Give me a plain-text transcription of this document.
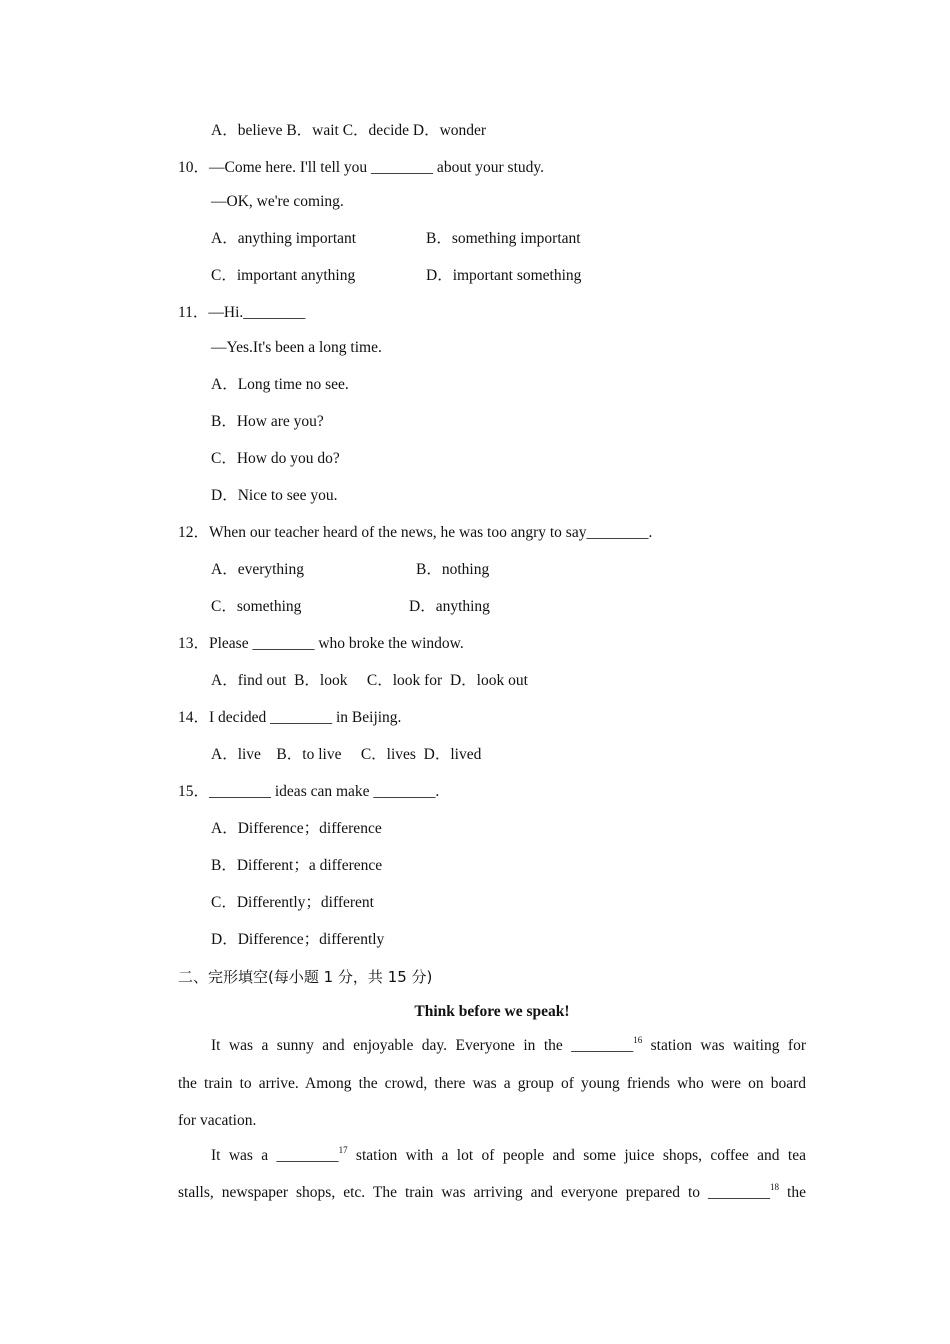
A．believe B．wait C．decide D．wonder
10．—Come here. I'll tell you ________ about your study.
—OK, we're coming.
A．anything important	B．something important
C．important anything	D．important something
11．—Hi.________
—Yes.It's been a long time.
A．Long time no see.
B．How are you?
C．How do you do?
D．Nice to see you.
12．When our teacher heard of the news, he was too angry to say________.
A．everything	B．nothing
C．something	D．anything
13．Please ________ who broke the window.
A．find out  B．look     C．look for  D．look out
14．I decided ________ in Beijing.
A．live    B．to live     C．lives  D．lived
15．________ ideas can make ________.
A．Difference；difference
B．Different；a difference
C．Differently；different
D．Difference；differently
二、完形填空(每小题 1 分，共 15 分)
Think before we speak!
It was a sunny and enjoyable day. Everyone in the ________$^{16}$ station was waiting for
the train to arrive. Among the crowd, there was a group of young friends who were on board
for vacation.
It was a ________$^{17}$ station with a lot of people and some juice shops, coffee and tea
stalls, newspaper shops, etc. The train was arriving and everyone prepared to ________$^{18}$ the
